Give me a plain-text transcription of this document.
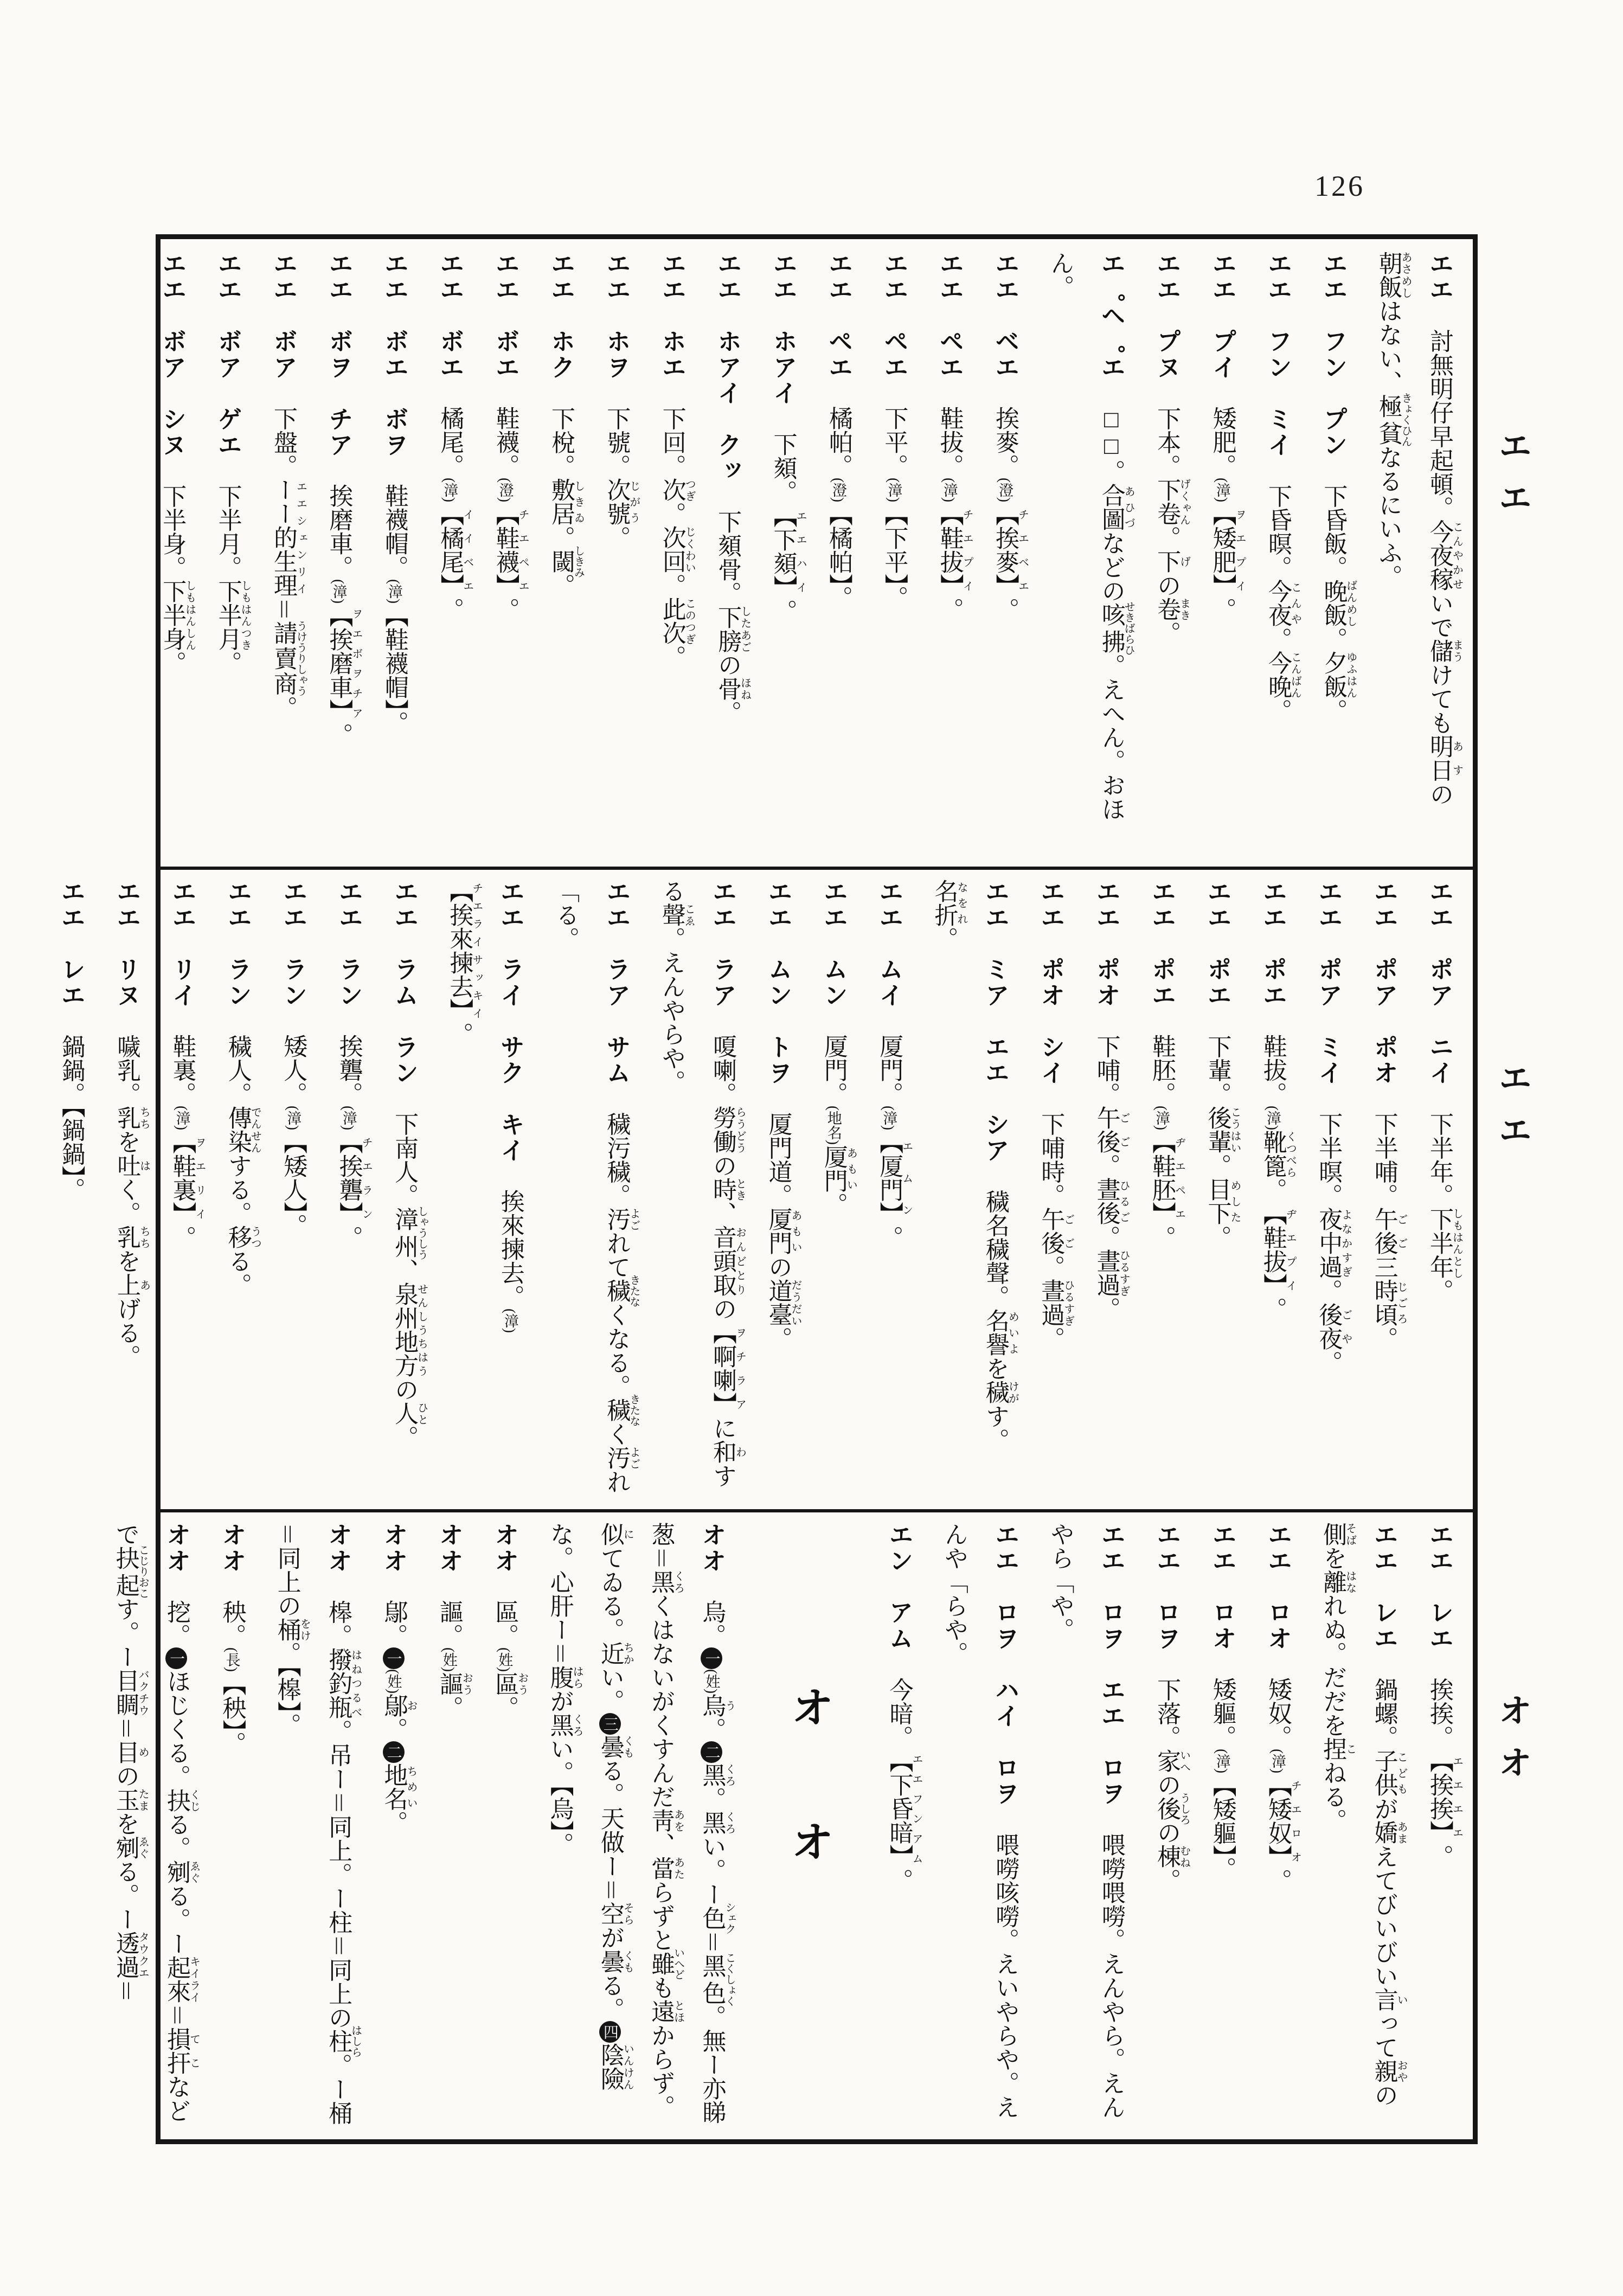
126
エエ　討無明仔早起頓。今夜稼こんやかせいで儲まうけても明日あすの朝飯あさめしはない、極貧きょくひんなるにいふ。
エエ　フン　プン　下昏飯。晚飯ばんめし。夕飯ゆふはん。
エエ　フン　ミイ　下昏暝。今夜こんや。今晚こんばん。
エエ　プイ　矮肥。(漳)【矮肥】ヲエプイ。
エエ　プヌ　下本。下卷げくゃん。下げの卷まき。
エ゜ヘ゜エ　□□。合圖あひづなどの咳拂せきばらひ。えへん。おほん。
エエ　ベエ　挨麥。(澄)【挨麥】チエベエ。
エエ　ペエ　鞋拔。(漳)【鞋拔】チエプイ。
エエ　ペエ　下平。(漳)【下平】。
エエ　ペエ　橘帕。(澄)【橘帕】。
エエ　ホアイ　下頦。【下頦】エエハイ。
エエ　ホアイ　クッ　下頦骨。下膀したあごの骨ほね。
エエ　ホエ　下回。次つぎ。次回じくわい。此次このつぎ。
エエ　ホヲ　下號。次號じがう。
エエ　ホク　下梲。敷居しきゐ。閾しきみ。
エエ　ボエ　鞋襪。(澄)【鞋襪】チエペエ。
エエ　ボエ　橘尾。(漳)【橘尾】イイベエ。
エエ　ボエ　ボヲ　鞋襪帽。(漳)【鞋襪帽】。
エエ　ボヲ　チア　挨磨車。(漳)【挨磨車】ヲエボヲチア。
エエ　ボア　下盤。ーー的生理エエシェンリイ＝請賣商うけうりしゃう。
エエ　ボア　ゲエ　下半月。下半月しもはんつき。
エエ　ボア　シヌ　下半身。下半身しもはんしん。
エエ　ポア　ニイ　下半年。下半年しもはんとし。
エエ　ポア　ポオ　下半哺。午後ごご三時頃じごろ。
エエ　ポア　ミイ　下半暝。夜中過よなかすぎ。後夜ごや。
エエ　ポエ　鞋拔。(漳)靴篦くつべら。【鞋拔】ヂエプイ。
エエ　ポエ　下輩。後輩こうはい。目下めした。
エエ　ポエ　鞋胚。(漳)【鞋胚】ヂエペエ。
エエ　ポオ　下哺。午後ごご。晝後ひるご。晝過ひるすぎ。
エエ　ポオ　シイ　下哺時。午後ごご。晝過ひるすぎ。
エエ　ミア　エエ　シア　穢名穢聲。名譽めいよを穢けがす。名折なをれ。
エエ　ムイ　厦門。(漳)【厦門】エムン。
エエ　ムン　厦門。(地名)厦門あもい。
エエ　ムン　トヲ　厦門道。厦門あもいの道臺だうだい。
エエ　ラア　嗄喇。勞働らうどうの時とき、音頭取おんどとりの【啊喇】ヲチラアに和わする聲こゑ。えんやらや。
エエ　ラア　サム　穢污穢。汚よごれて穢きたなくなる。穢きたなく汚よごれ「る。
エエ　ライ　サク　キイ　挨來揀去。(漳)【挨來揀去】チエライサッキイ。
エエ　ラム　ラン　下南人。漳州しゃうしう、泉州地方せんしうちはうの人ひと。
エエ　ラン　挨礱。(漳)【挨礱】チエラン。
エエ　ラン　矮人。(漳)【矮人】。
エエ　ラン　穢人。傳染でんせんする。移うつる。
エエ　リイ　鞋裏。(漳)【鞋裏】ヲエリイ。
エエ　リヌ　噦乳。乳ちちを吐はく。乳ちちを上あげる。
エエ　レエ　鍋鍋。【鍋鍋】。
エエ　レエ　挨挨。【挨挨】エエエエ。
エエ　レエ　鍋螺。子供こどもが嬌あまえてびいびい言いって親おやの側そばを離はなれぬ。だだを捏こねる。
エエ　ロオ　矮奴。(漳)【矮奴】チエロオ。
エエ　ロオ　矮軀。(漳)【矮軀】。
エエ　ロヲ　下落。家いへの後うしろの棟むね。
エエ　ロヲ　エエ　ロヲ　喂嘮喂嘮。えんやら。えんやら「や。
エエ　ロヲ　ハイ　ロヲ　喂嘮咳嘮。えいやらや。えんや「らや。
エン　アム　今暗。【下昏暗】エエフンアム。
オ　オ
オオ　烏。一(姓)烏う。二黑くろ。黑くろい。ー色シェク＝黑色こくしょく。無ー亦睇葱＝黑くろくはないがくすんだ靑あを、當あたらずと雖いへども遠とほからず。似にてゐる。近ちかい。三曇くもる。天做ー＝空そらが曇くもる。四陰險いんけんな。心肝ー＝腹はらが黑くろい。【烏】。
オオ　區。(姓)區おう。
オオ　謳。(姓)謳おう。
オオ　鄔。一(姓)鄔お。二地名ちめい。
オオ　槔。撥釣瓶はねつるべ。吊ー＝同上。ー柱＝同上の柱はしら。ー桶＝同上の桶をけ。【槔】。
オオ　秧。(長)【秧】。
オオ　挖。一ほじくる。抉くじる。剜ゑぐる。ー起來キイライ＝損扞てこなどで抉起こじりおこす。ー目睭バクチウ＝目めの玉たまを剜ゑぐる。ー透過タウクエ＝
エエ
エエ
オオ
